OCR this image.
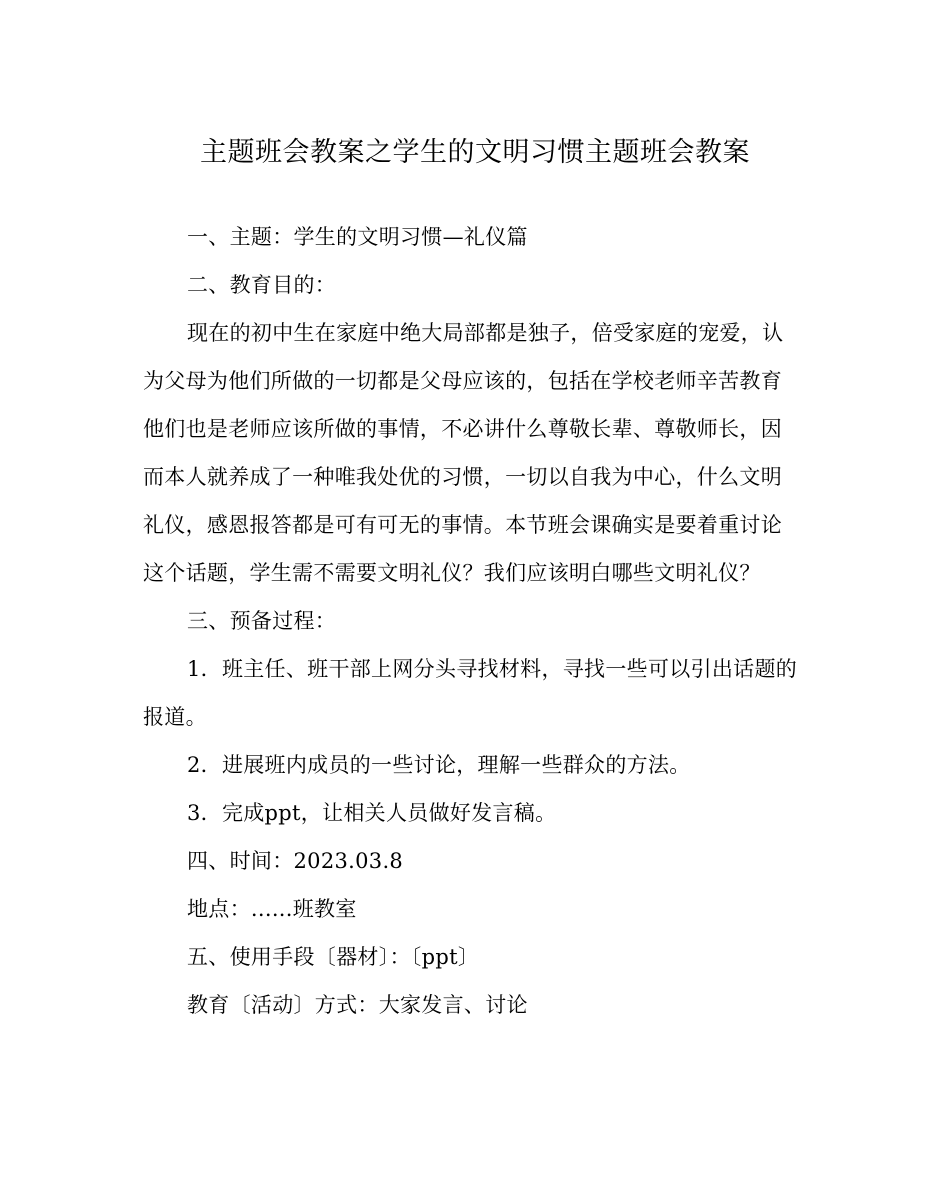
主题班会教案之学生的文明习惯主题班会教案
一、主题：学生的文明习惯—礼仪篇
二、教育目的：
现在的初中生在家庭中绝大局部都是独子，倍受家庭的宠爱，认
为父母为他们所做的一切都是父母应该的，包括在学校老师辛苦教育
他们也是老师应该所做的事情，不必讲什么尊敬长辈、尊敬师长，因
而本人就养成了一种唯我处优的习惯，一切以自我为中心，什么文明
礼仪，感恩报答都是可有可无的事情。本节班会课确实是要着重讨论
这个话题，学生需不需要文明礼仪？我们应该明白哪些文明礼仪？
三、预备过程：
1．班主任、班干部上网分头寻找材料，寻找一些可以引出话题的
报道。
2．进展班内成员的一些讨论，理解一些群众的方法。
3．完成ppt，让相关人员做好发言稿。
四、时间：2023.03.8
地点：......班教室
五、使用手段〔器材〕：〔ppt〕
教育〔活动〕方式：大家发言、讨论
